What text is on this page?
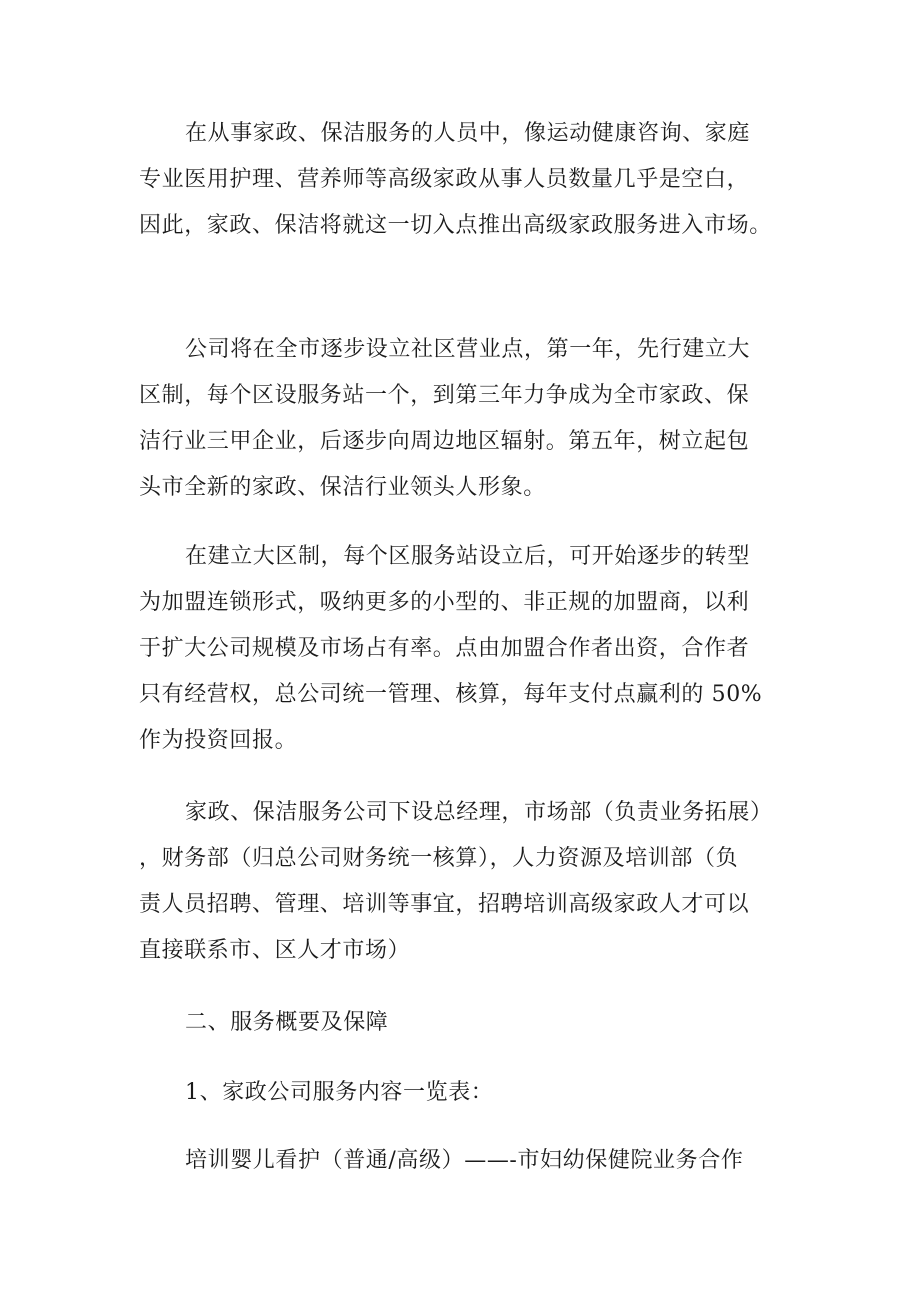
在从事家政、保洁服务的人员中，像运动健康咨询、家庭
专业医用护理、营养师等高级家政从事人员数量几乎是空白，
因此，家政、保洁将就这一切入点推出高级家政服务进入市场。
公司将在全市逐步设立社区营业点，第一年，先行建立大
区制，每个区设服务站一个，到第三年力争成为全市家政、保
洁行业三甲企业，后逐步向周边地区辐射。第五年，树立起包
头市全新的家政、保洁行业领头人形象。
在建立大区制，每个区服务站设立后，可开始逐步的转型
为加盟连锁形式，吸纳更多的小型的、非正规的加盟商，以利
于扩大公司规模及市场占有率。点由加盟合作者出资，合作者
只有经营权，总公司统一管理、核算，每年支付点赢利的 50%
作为投资回报。
家政、保洁服务公司下设总经理，市场部（负责业务拓展）
，财务部（归总公司财务统一核算），人力资源及培训部（负
责人员招聘、管理、培训等事宜，招聘培训高级家政人才可以
直接联系市、区人才市场）
二、服务概要及保障
1、家政公司服务内容一览表：
培训婴儿看护（普通/高级）——-市妇幼保健院业务合作
